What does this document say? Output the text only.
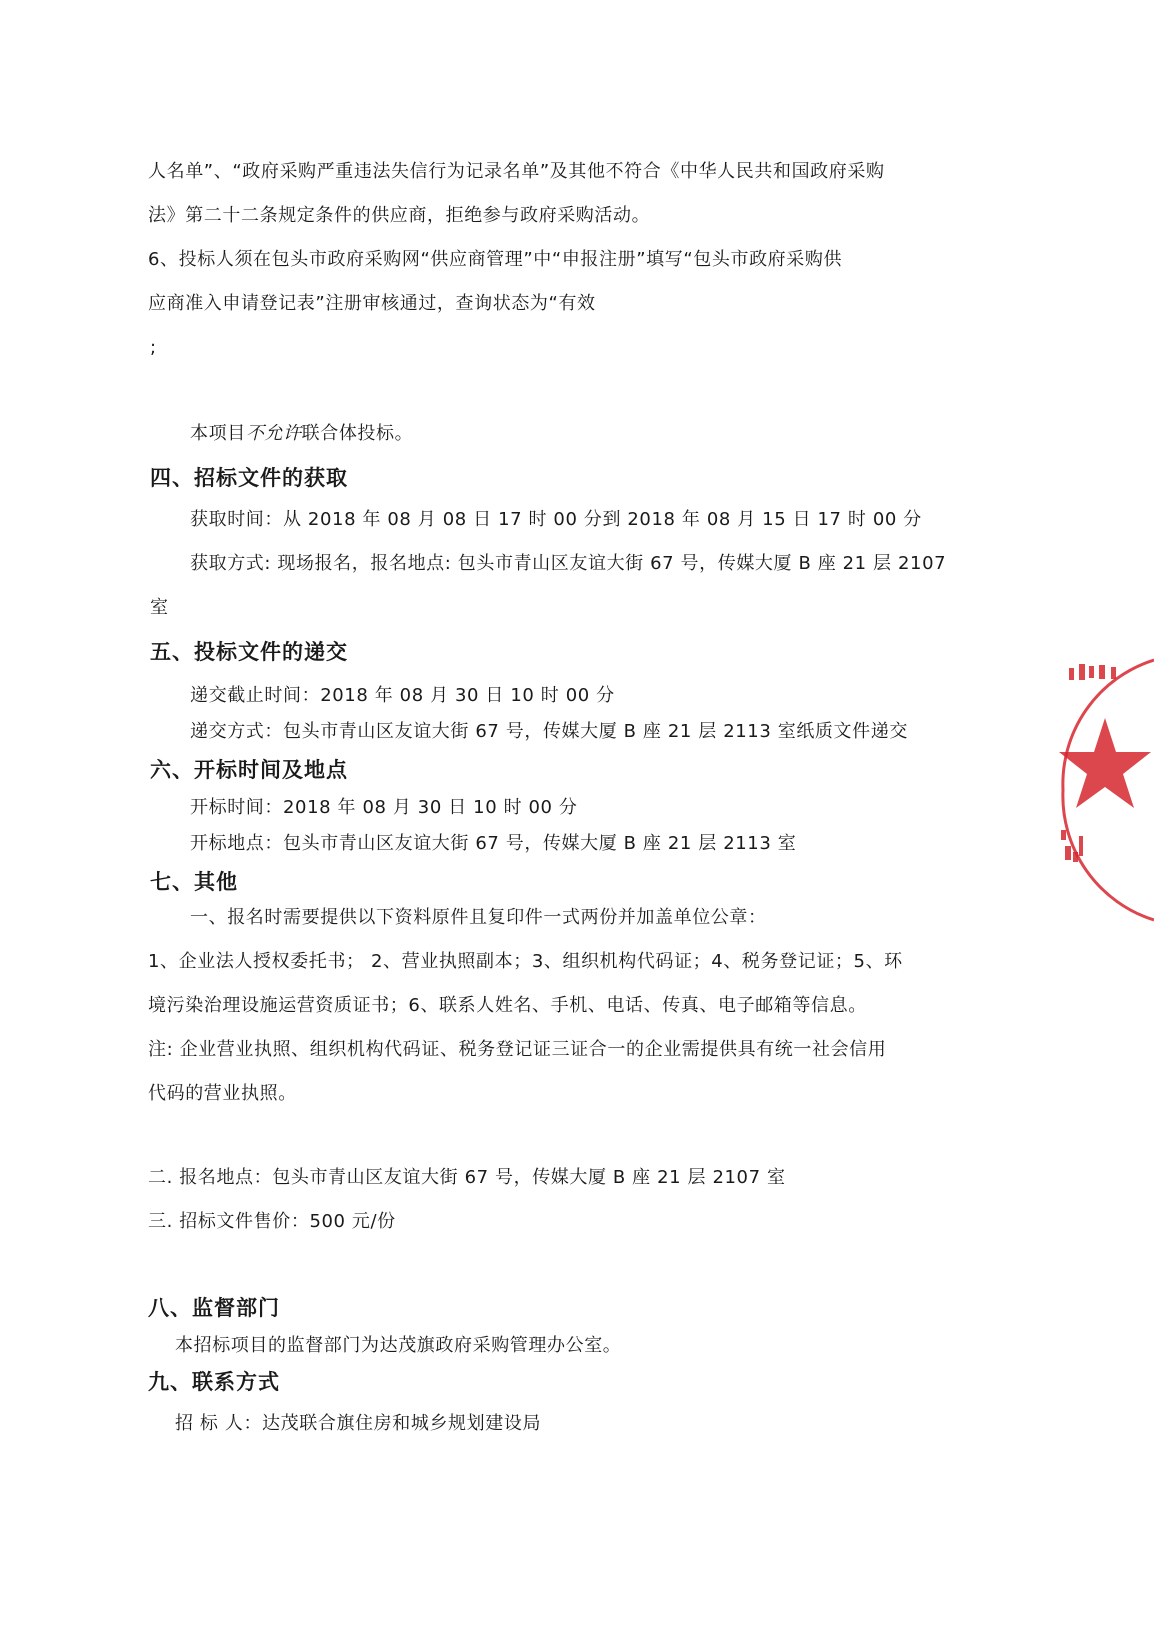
人名单”、“政府采购严重违法失信行为记录名单”及其他不符合《中华人民共和国政府采购
法》第二十二条规定条件的供应商，拒绝参与政府采购活动。
6、投标人须在包头市政府采购网“供应商管理”中“申报注册”填写“包头市政府采购供
应商准入申请登记表”注册审核通过，查询状态为“有效
;
本项目不允许联合体投标。
四、招标文件的获取
获取时间：从 2018 年 08 月 08 日 17 时 00 分到 2018 年 08 月 15 日 17 时 00 分
获取方式: 现场报名，报名地点: 包头市青山区友谊大街 67 号，传媒大厦 B 座 21 层 2107
室
五、投标文件的递交
递交截止时间：2018 年 08 月 30 日 10 时 00 分
递交方式：包头市青山区友谊大街 67 号，传媒大厦 B 座 21 层 2113 室纸质文件递交
六、开标时间及地点
开标时间：2018 年 08 月 30 日 10 时 00 分
开标地点：包头市青山区友谊大街 67 号，传媒大厦 B 座 21 层 2113 室
七、其他
一、报名时需要提供以下资料原件且复印件一式两份并加盖单位公章：
1、企业法人授权委托书； 2、营业执照副本；3、组织机构代码证；4、税务登记证；5、环
境污染治理设施运营资质证书；6、联系人姓名、手机、电话、传真、电子邮箱等信息。
注: 企业营业执照、组织机构代码证、税务登记证三证合一的企业需提供具有统一社会信用
代码的营业执照。
二. 报名地点：包头市青山区友谊大街 67 号，传媒大厦 B 座 21 层 2107 室
三. 招标文件售价：500 元/份
八、监督部门
本招标项目的监督部门为达茂旗政府采购管理办公室。
九、联系方式
招 标 人：达茂联合旗住房和城乡规划建设局
